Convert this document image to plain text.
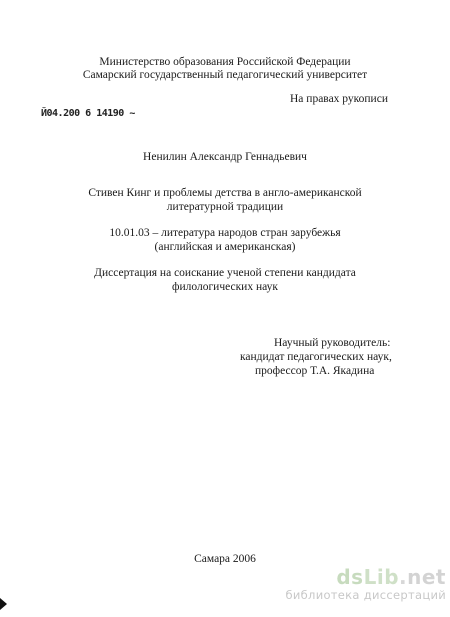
Министерство образования Российской Федерации
Самарский государственный педагогический университет
На правах рукописи
Й04.200 6 14190 ~
Ненилин Александр Геннадьевич
Стивен Кинг и проблемы детства в англо-американской
литературной традиции
10.01.03 – литература народов стран зарубежья
(английская и американская)
Диссертация на соискание ученой степени кандидата
филологических наук
Научный руководитель:
кандидат педагогических наук,
профессор Т.А. Якадина
Самара 2006
dsLib.net
библиотека диссертаций
